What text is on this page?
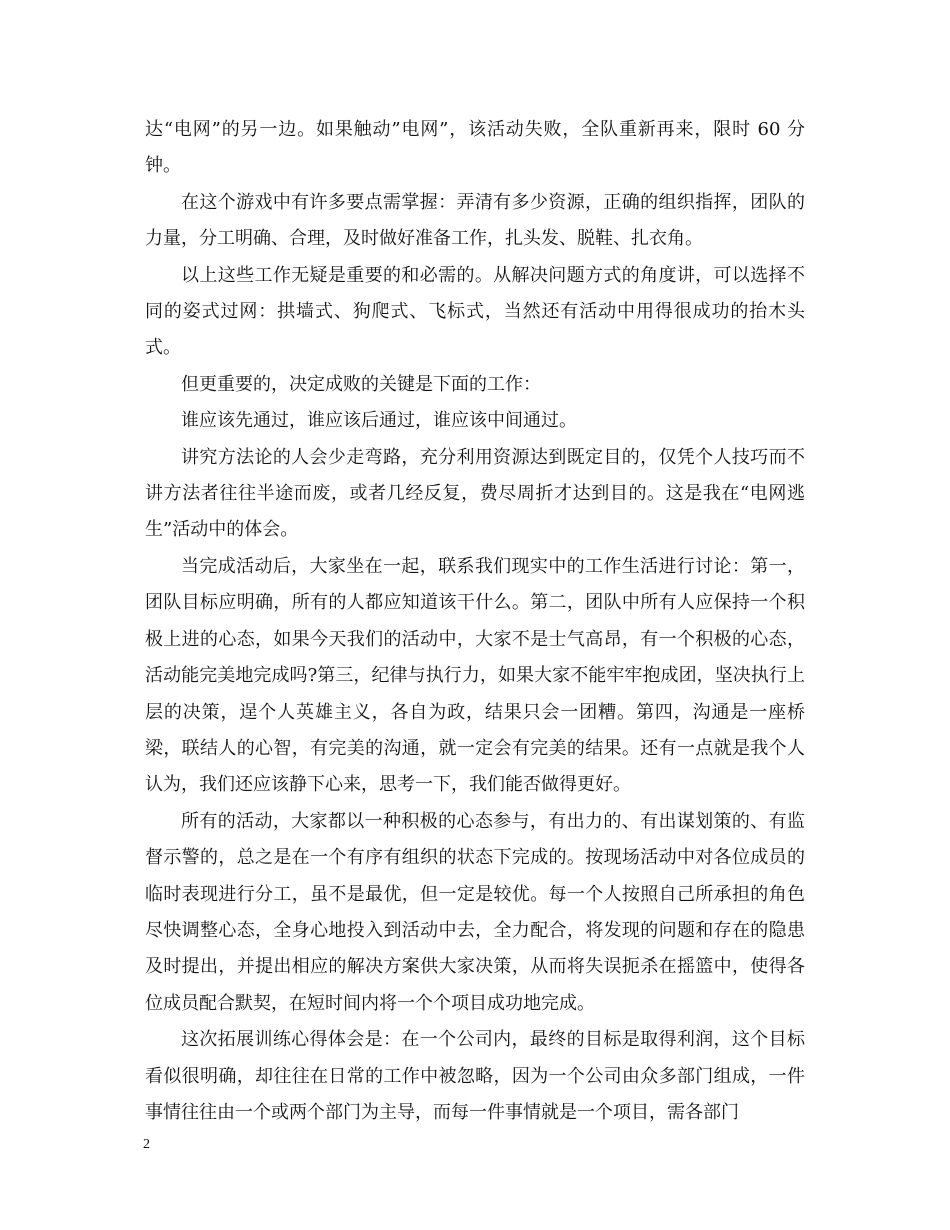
达“电网”的另一边。如果触动”电网”，该活动失败，全队重新再来，限时 60 分钟。

在这个游戏中有许多要点需掌握：弄清有多少资源，正确的组织指挥，团队的力量，分工明确、合理，及时做好准备工作，扎头发、脱鞋、扎衣角。

以上这些工作无疑是重要的和必需的。从解决问题方式的角度讲，可以选择不同的姿式过网：拱墙式、狗爬式、飞标式，当然还有活动中用得很成功的抬木头式。

但更重要的，决定成败的关键是下面的工作：

谁应该先通过，谁应该后通过，谁应该中间通过。

讲究方法论的人会少走弯路，充分利用资源达到既定目的，仅凭个人技巧而不讲方法者往往半途而废，或者几经反复，费尽周折才达到目的。这是我在“电网逃生”活动中的体会。

当完成活动后，大家坐在一起，联系我们现实中的工作生活进行讨论：第一，团队目标应明确，所有的人都应知道该干什么。第二，团队中所有人应保持一个积极上进的心态，如果今天我们的活动中，大家不是士气高昂，有一个积极的心态，活动能完美地完成吗?第三，纪律与执行力，如果大家不能牢牢抱成团，坚决执行上层的决策，逞个人英雄主义，各自为政，结果只会一团糟。第四，沟通是一座桥梁，联结人的心智，有完美的沟通，就一定会有完美的结果。还有一点就是我个人认为，我们还应该静下心来，思考一下，我们能否做得更好。

所有的活动，大家都以一种积极的心态参与，有出力的、有出谋划策的、有监督示警的，总之是在一个有序有组织的状态下完成的。按现场活动中对各位成员的临时表现进行分工，虽不是最优，但一定是较优。每一个人按照自己所承担的角色尽快调整心态，全身心地投入到活动中去，全力配合，将发现的问题和存在的隐患及时提出，并提出相应的解决方案供大家决策，从而将失误扼杀在摇篮中，使得各位成员配合默契，在短时间内将一个个项目成功地完成。

这次拓展训练心得体会是：在一个公司内，最终的目标是取得利润，这个目标看似很明确，却往往在日常的工作中被忽略，因为一个公司由众多部门组成，一件事情往往由一个或两个部门为主导，而每一件事情就是一个项目，需各部门

2
